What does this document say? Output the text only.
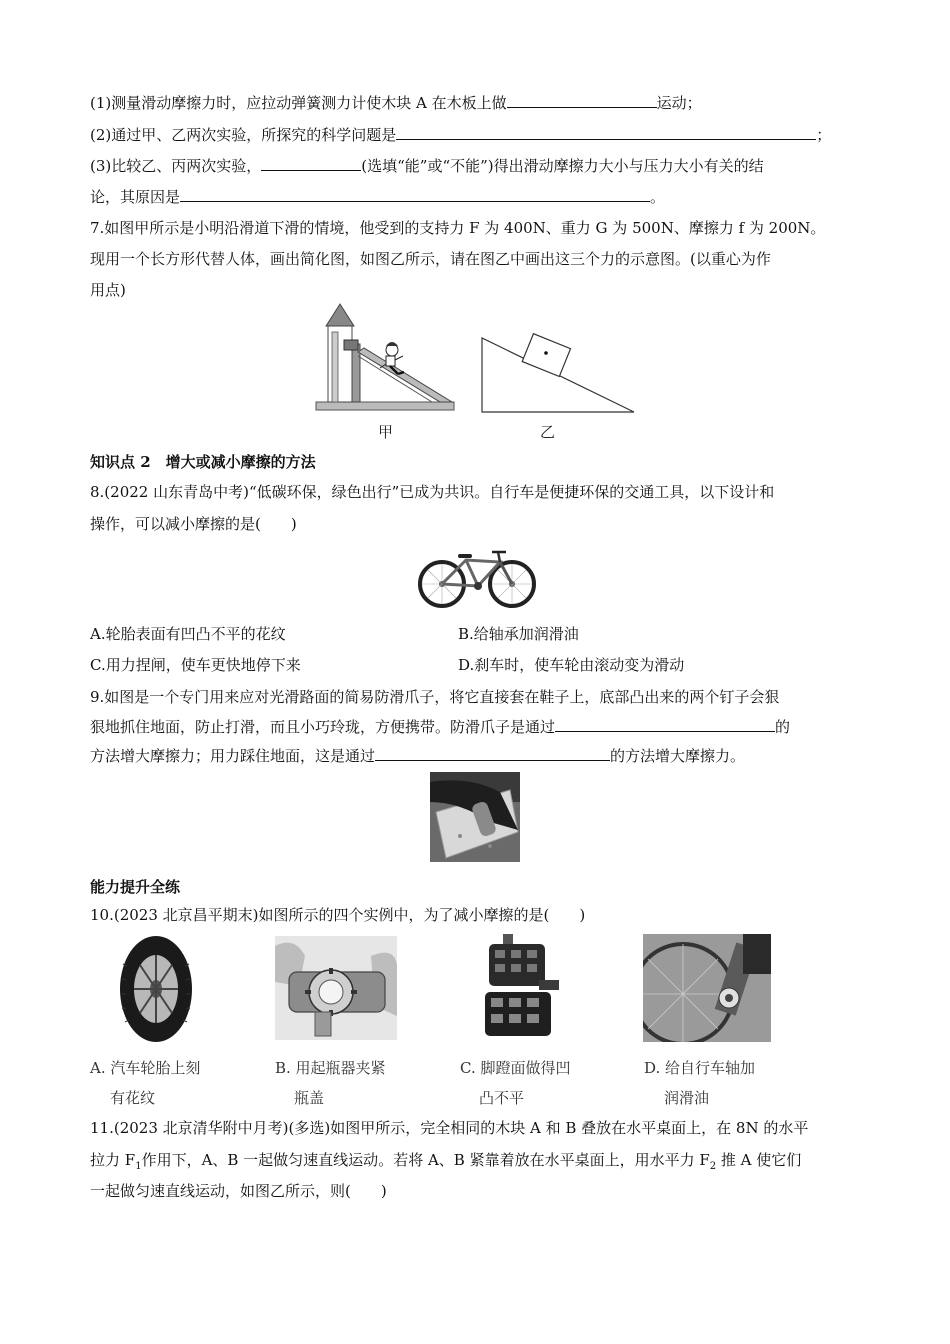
(1)测量滑动摩擦力时，应拉动弹簧测力计使木块 A 在木板上做	运动；
(2)通过甲、乙两次实验，所探究的科学问题是	；
(3)比较乙、丙两次实验，	(选填“能”或“不能”)得出滑动摩擦力大小与压力大小有关的结
论，其原因是	。
7.如图甲所示是小明沿滑道下滑的情境，他受到的支持力 F 为 400N、重力 G 为 500N、摩擦力 f 为 200N。
现用一个长方形代替人体，画出简化图，如图乙所示，请在图乙中画出这三个力的示意图。(以重心为作
用点)
甲	乙
知识点 2　增大或减小摩擦的方法
8.(2022 山东青岛中考)“低碳环保，绿色出行”已成为共识。自行车是便捷环保的交通工具，以下设计和
操作，可以减小摩擦的是(　　)
A.轮胎表面有凹凸不平的花纹	B.给轴承加润滑油
C.用力捏闸，使车更快地停下来	D.刹车时，使车轮由滚动变为滑动
9.如图是一个专门用来应对光滑路面的简易防滑爪子，将它直接套在鞋子上，底部凸出来的两个钉子会狠
狠地抓住地面，防止打滑，而且小巧玲珑，方便携带。防滑爪子是通过	的
方法增大摩擦力；用力踩住地面，这是通过	的方法增大摩擦力。
能力提升全练
10.(2023 北京昌平期末)如图所示的四个实例中，为了减小摩擦的是(　　)
A. 汽车轮胎上刻
有花纹
B. 用起瓶器夹紧
瓶盖
C. 脚蹬面做得凹
凸不平
D. 给自行车轴加
润滑油
11.(2023 北京清华附中月考)(多选)如图甲所示，完全相同的木块 A 和 B 叠放在水平桌面上，在 8N 的水平
拉力 $F_1$作用下，A、B 一起做匀速直线运动。若将 A、B 紧靠着放在水平桌面上，用水平力 $F_2$ 推 A 使它们
一起做匀速直线运动，如图乙所示，则(　　)
